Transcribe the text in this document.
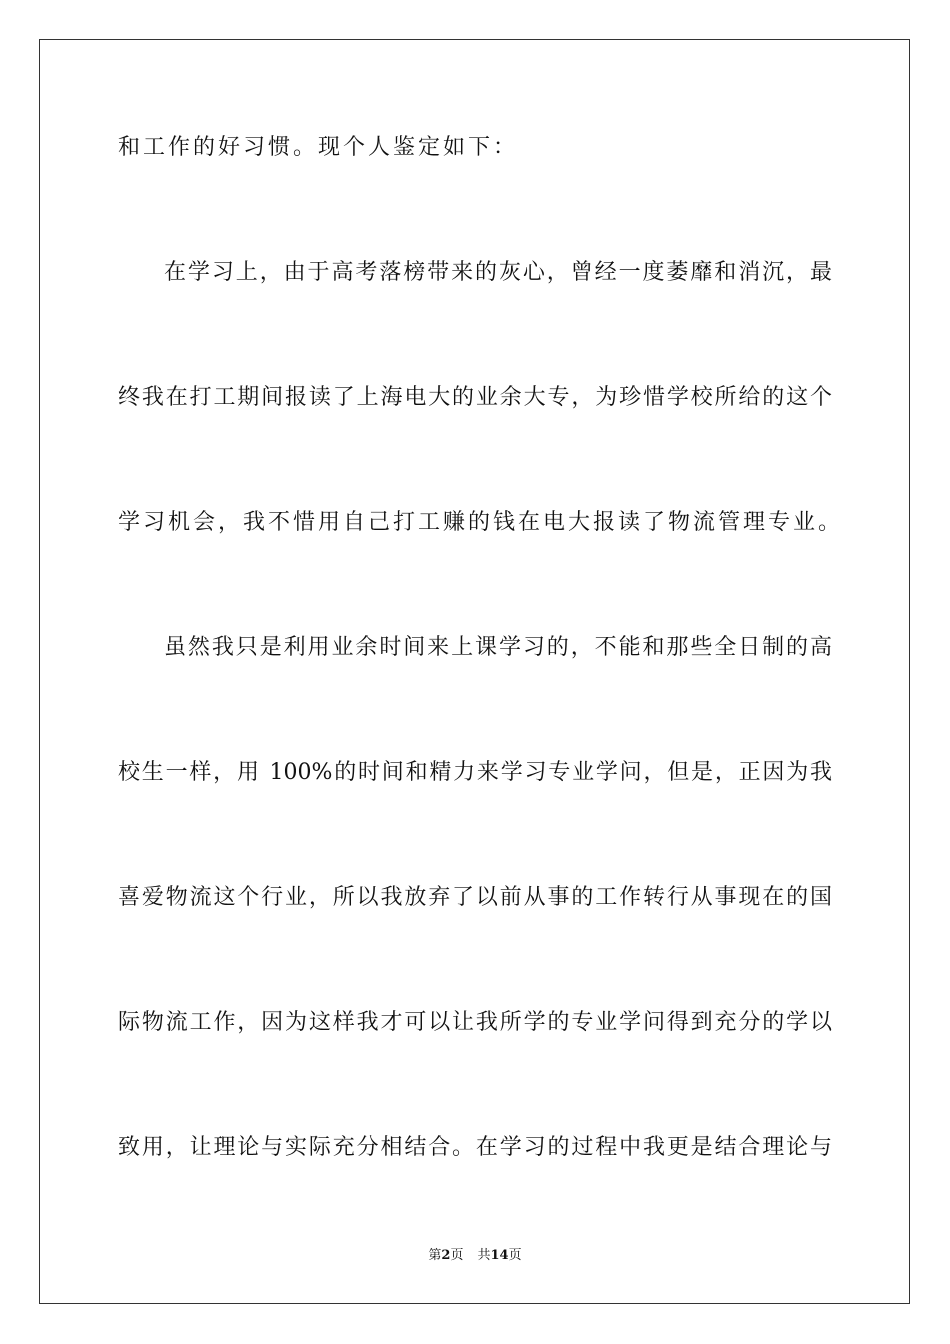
和工作的好习惯。现个人鉴定如下：
在学习上，由于高考落榜带来的灰心，曾经一度萎靡和消沉，最
终我在打工期间报读了上海电大的业余大专，为珍惜学校所给的这个
学习机会，我不惜用自己打工赚的钱在电大报读了物流管理专业。
虽然我只是利用业余时间来上课学习的，不能和那些全日制的高
校生一样，用 100%的时间和精力来学习专业学问，但是，正因为我
喜爱物流这个行业，所以我放弃了以前从事的工作转行从事现在的国
际物流工作，因为这样我才可以让我所学的专业学问得到充分的学以
致用，让理论与实际充分相结合。在学习的过程中我更是结合理论与
第2页 共14页
